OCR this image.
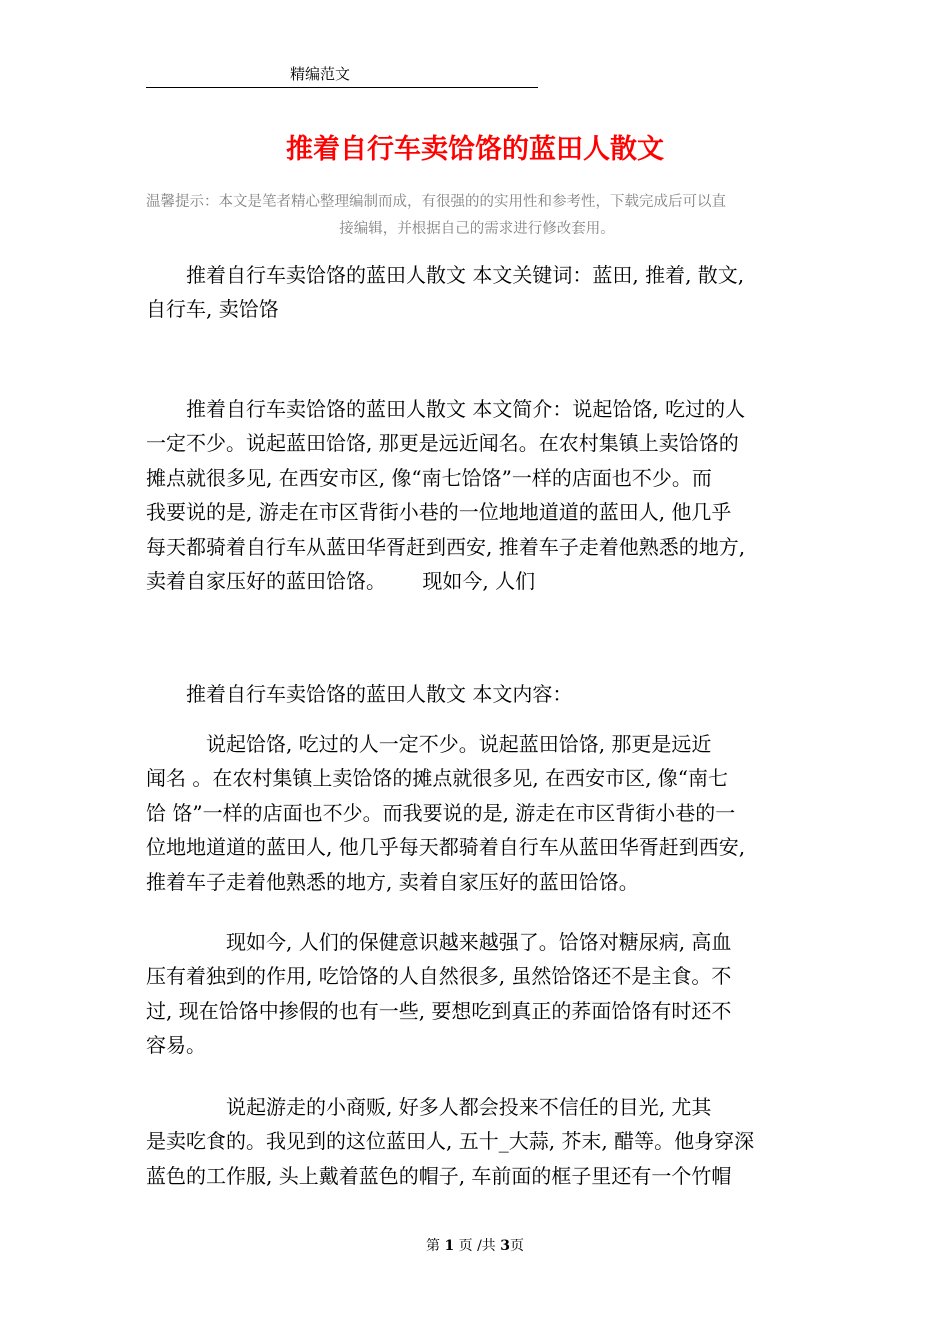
精编范文
推着自行车卖饸饹的蓝田人散文
温馨提示：本文是笔者精心整理编制而成，有很强的的实用性和参考性，下载完成后可以直
接编辑，并根据自己的需求进行修改套用。

　　推着自行车卖饸饹的蓝田人散文 本文关键词：蓝田, 推着, 散文,
自行车, 卖饸饹

　　推着自行车卖饸饹的蓝田人散文 本文简介：说起饸饹, 吃过的人
一定不少。说起蓝田饸饹, 那更是远近闻名。在农村集镇上卖饸饹的
摊点就很多见, 在西安市区, 像“南七饸饹”一样的店面也不少。而
我要说的是, 游走在市区背街小巷的一位地地道道的蓝田人, 他几乎
每天都骑着自行车从蓝田华胥赶到西安, 推着车子走着他熟悉的地方,
卖着自家压好的蓝田饸饹。　　 现如今, 人们

　　推着自行车卖饸饹的蓝田人散文 本文内容：

　　　说起饸饹, 吃过的人一定不少。说起蓝田饸饹, 那更是远近
闻名 。在农村集镇上卖饸饹的摊点就很多见, 在西安市区, 像“南七
饸 饹”一样的店面也不少。而我要说的是, 游走在市区背街小巷的一
位地地道道的蓝田人, 他几乎每天都骑着自行车从蓝田华胥赶到西安,
推着车子走着他熟悉的地方, 卖着自家压好的蓝田饸饹。

　　　　现如今, 人们的保健意识越来越强了。饸饹对糖尿病, 高血
压有着独到的作用, 吃饸饹的人自然很多, 虽然饸饹还不是主食。不
过, 现在饸饹中掺假的也有一些, 要想吃到真正的荞面饸饹有时还不
容易。

　　　　说起游走的小商贩, 好多人都会投来不信任的目光, 尤其
是卖吃食的。我见到的这位蓝田人, 五十_大蒜, 芥末, 醋等。他身穿深
蓝色的工作服, 头上戴着蓝色的帽子, 车前面的框子里还有一个竹帽

第 1 页 /共 3页
